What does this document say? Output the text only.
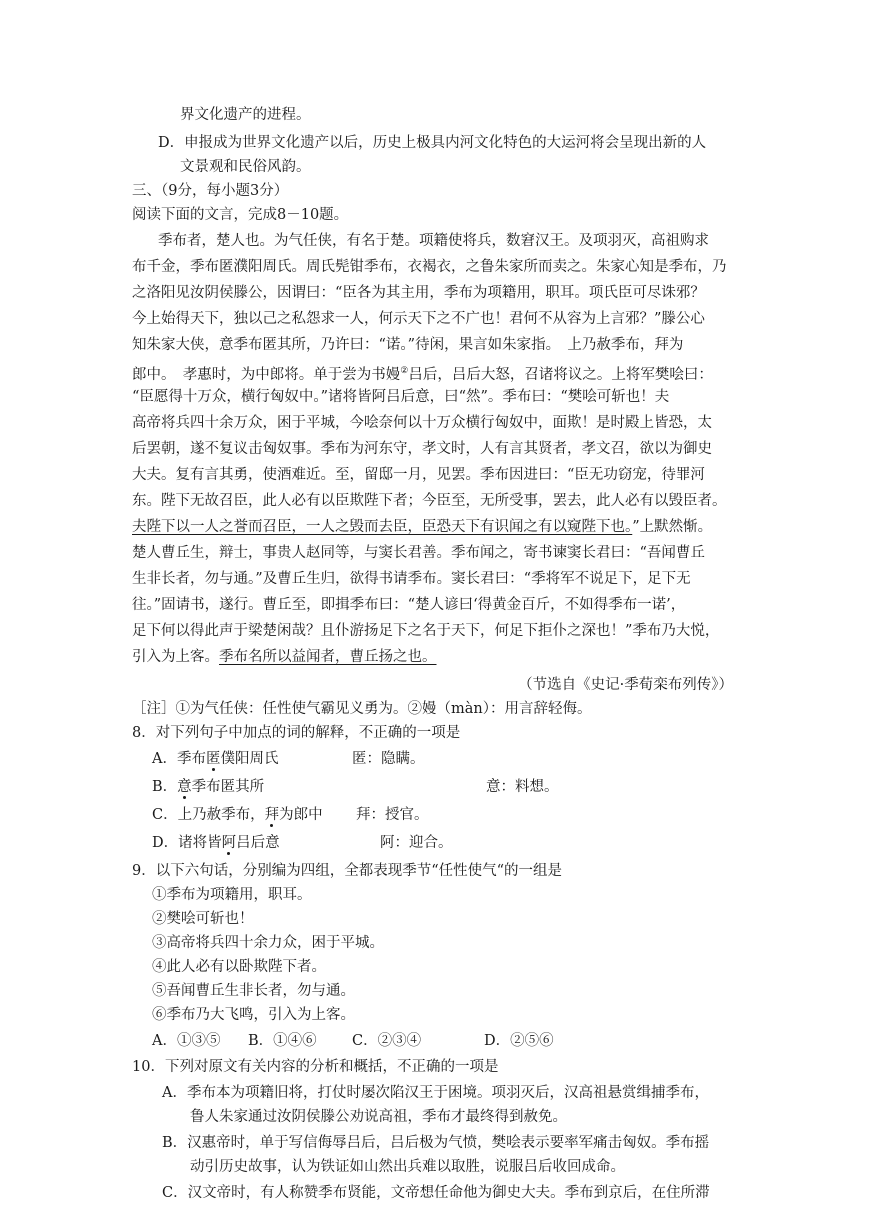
界文化遗产的进程。
D．申报成为世界文化遗产以后，历史上极具内河文化特色的大运河将会呈现出新的人
文景观和民俗风韵。
三、（9分，每小题3分）
阅读下面的文言，完成8－10题。
季布者，楚人也。为气任侠，有名于楚。项籍使将兵，数窘汉王。及项羽灭，高祖购求
布千金，季布匿濮阳周氏。周氏髡钳季布，衣褐衣，之鲁朱家所而卖之。朱家心知是季布，乃
之洛阳见汝阴侯滕公，因谓曰：“臣各为其主用，季布为项籍用，职耳。项氏臣可尽诛邪？
今上始得天下，独以己之私怨求一人，何示天下之不广也！君何不从容为上言邪？”滕公心
知朱家大侠，意季布匿其所，乃许曰：“诺。”待闲，果言如朱家指。　上乃赦季布，拜为
郎中。　孝惠时，为中郎将。单于尝为书嫚②吕后，吕后大怒，召诸将议之。上将军樊哙曰：
“臣愿得十万众，横行匈奴中。”诸将皆阿吕后意，曰“然”。季布曰：“樊哙可斩也！夫
高帝将兵四十余万众，困于平城，今哙奈何以十万众横行匈奴中，面欺！是时殿上皆恐，太
后罢朝，遂不复议击匈奴事。季布为河东守，孝文时，人有言其贤者，孝文召，欲以为御史
大夫。复有言其勇，使酒难近。至，留邸一月，见罢。季布因进曰：“臣无功窃宠，待罪河
东。陛下无故召臣，此人必有以臣欺陛下者；今臣至，无所受事，罢去，此人必有以毁臣者。
夫陛下以一人之誉而召臣，一人之毁而去臣，臣恐天下有识闻之有以窥陛下也。”上默然惭。
楚人曹丘生，辩士，事贵人赵同等，与窦长君善。季布闻之，寄书谏窦长君曰：“吾闻曹丘
生非长者，勿与通。”及曹丘生归，欲得书请季布。窦长君曰：“季将军不说足下，足下无
往。”固请书，遂行。曹丘至，即揖季布曰：“楚人谚曰‘得黄金百斤，不如得季布一诺’，
足下何以得此声于梁楚闲哉？且仆游扬足下之名于天下，何足下拒仆之深也！”季布乃大悦，
引入为上客。季布名所以益闻者，曹丘扬之也。
（节选自《史记·季荀栾布列传》）
［注］①为气任侠：任性使气霸见义勇为。②嫚（màn）：用言辞轻侮。
8．对下列句子中加点的词的解释，不正确的一项是
A．季布匿僕阳周氏	匿：隐瞒。
B．意季布匿其所	意：料想。
C．上乃赦季布，拜为郎中 拜：授官。
D．诸将皆阿吕后意	阿：迎合。
9．以下六句话，分别编为四组，全都表现季节“任性使气“的一组是
①季布为项籍用，职耳。
②樊哙可斩也！
③高帝将兵四十余力众，困于平城。
④此人必有以卧欺陛下者。
⑤吾闻曹丘生非长者，勿与通。
⑥季布乃大飞鸣，引入为上客。
A．①③⑤ B．①④⑥ C．②③④	D．②⑤⑥
10．下列对原文有关内容的分析和概括，不正确的一项是
A．季布本为项籍旧将，打仗时屡次陷汉王于困境。项羽灭后，汉高祖悬赏缉捕季布，
鲁人朱家通过汝阴侯滕公劝说高祖，季布才最终得到赦免。
B．汉惠帝时，单于写信侮辱吕后，吕后极为气愤，樊哙表示要率军痛击匈奴。季布摇
动引历史故事，认为铁证如山然出兵难以取胜，说服吕后收回成命。
C．汉文帝时，有人称赞季布贤能，文帝想任命他为御史大夫。季布到京后，在住所滞
